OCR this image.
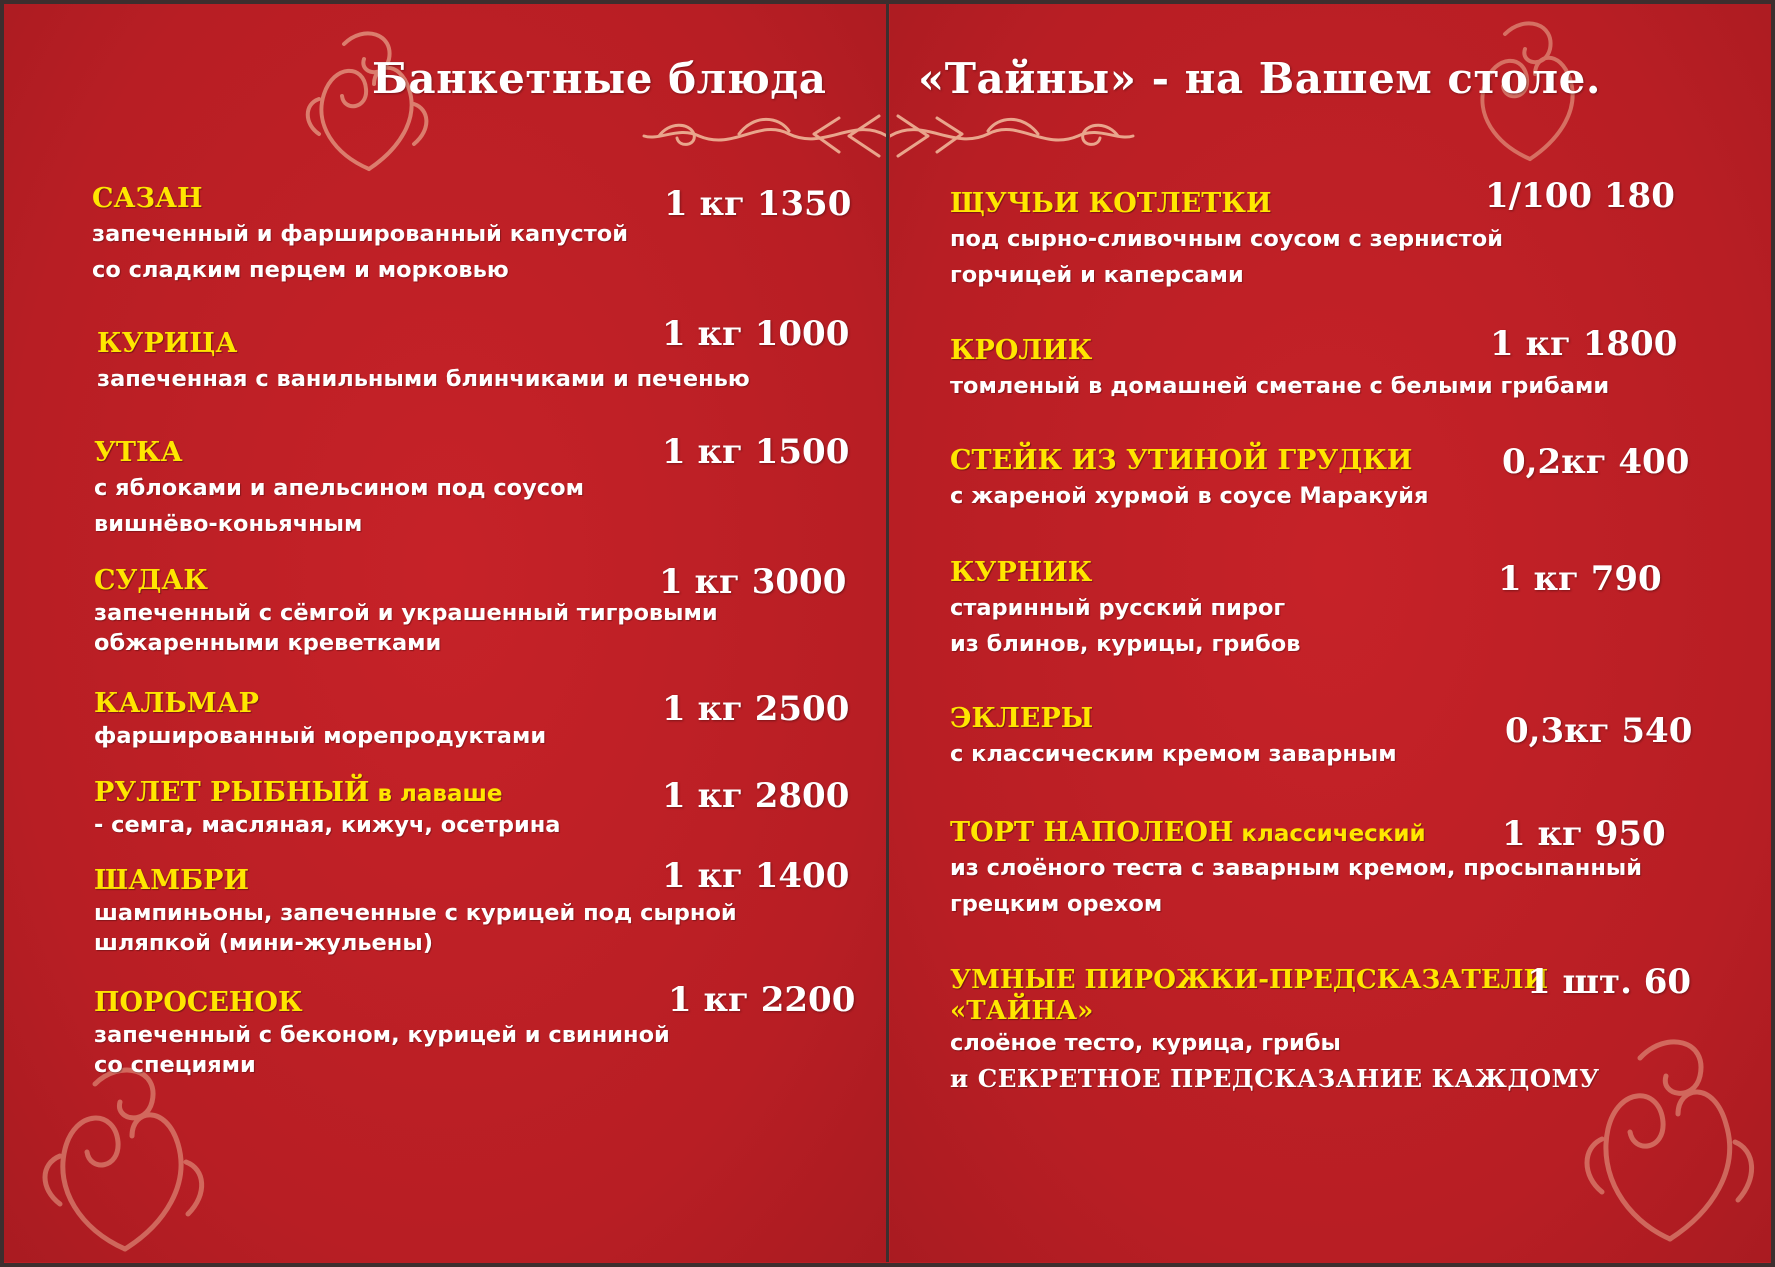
Банкетные блюда
САЗАН
запеченный и фаршированный капустой
со сладким перцем и морковью
1 кг 1350
КУРИЦА
запеченная с ванильными блинчиками и печенью
1 кг 1000
УТКА
с яблоками и апельсином под соусом
вишнёво-коньячным
1 кг 1500
СУДАК
запеченный с сёмгой и украшенный тигровыми
обжаренными креветками
1 кг 3000
КАЛЬМАР
фаршированный морепродуктами
1 кг 2500
РУЛЕТ РЫБНЫЙ в лаваше
- семга, масляная, кижуч, осетрина
1 кг 2800
ШАМБРИ
шампиньоны, запеченные с курицей под сырной
шляпкой (мини-жульены)
1 кг 1400
ПОРОСЕНОК
запеченный с беконом, курицей и свининой
со специями
1 кг 2200
«Тайны» - на Вашем столе.
ЩУЧЬИ КОТЛЕТКИ
под сырно-сливочным соусом с зернистой
горчицей и каперсами
1/100 180
КРОЛИК
томленый в домашней сметане с белыми грибами
1 кг 1800
СТЕЙК ИЗ УТИНОЙ ГРУДКИ
с жареной хурмой в соусе Маракуйя
0,2кг 400
КУРНИК
старинный русский пирог
из блинов, курицы, грибов
1 кг 790
ЭКЛЕРЫ
с классическим кремом заварным
0,3кг 540
ТОРТ НАПОЛЕОН классический
из слоёного теста с заварным кремом, просыпанный
грецким орехом
1 кг 950
УМНЫЕ ПИРОЖКИ-ПРЕДСКАЗАТЕЛИ
«ТАЙНА»
слоёное тесто, курица, грибы
и СЕКРЕТНОЕ ПРЕДСКАЗАНИЕ КАЖДОМУ
1 шт. 60
